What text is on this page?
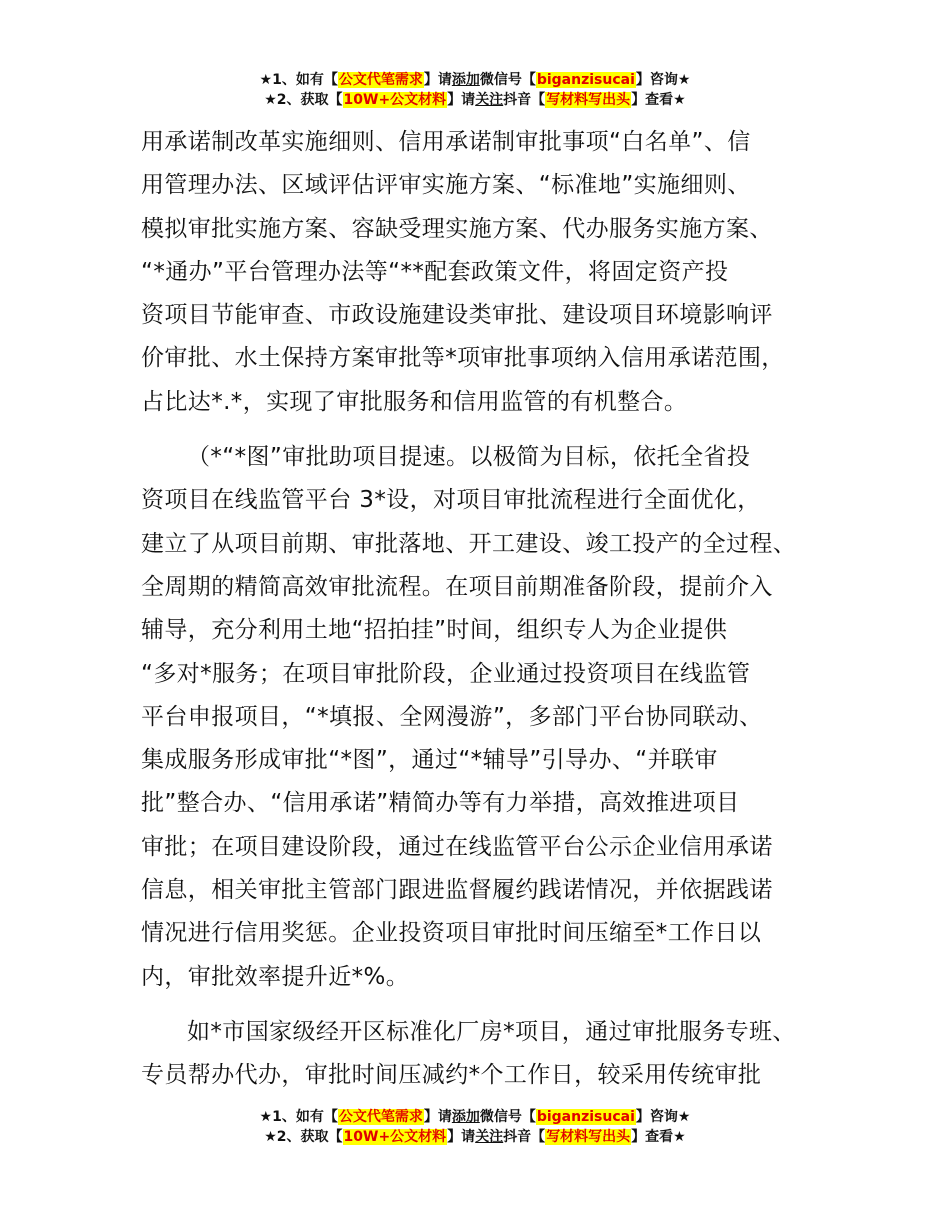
★1、如有【公文代笔需求】请添加微信号【biganzisucai】咨询★
★2、获取【10W+公文材料】请关注抖音【写材料写出头】查看★
用承诺制改革实施细则、信用承诺制审批事项“白名单”、信
用管理办法、区域评估评审实施方案、“标准地”实施细则、
模拟审批实施方案、容缺受理实施方案、代办服务实施方案、
“*通办”平台管理办法等“**配套政策文件，将固定资产投
资项目节能审查、市政设施建设类审批、建设项目环境影响评
价审批、水土保持方案审批等*项审批事项纳入信用承诺范围，
占比达*.*，实现了审批服务和信用监管的有机整合。
（*“*图”审批助项目提速。以极简为目标，依托全省投
资项目在线监管平台 3*设，对项目审批流程进行全面优化，
建立了从项目前期、审批落地、开工建设、竣工投产的全过程、
全周期的精简高效审批流程。在项目前期准备阶段，提前介入
辅导，充分利用土地“招拍挂”时间，组织专人为企业提供
“多对*服务；在项目审批阶段，企业通过投资项目在线监管
平台申报项目，“*填报、全网漫游”，多部门平台协同联动、
集成服务形成审批“*图”，通过“*辅导”引导办、“并联审
批”整合办、“信用承诺”精简办等有力举措，高效推进项目
审批；在项目建设阶段，通过在线监管平台公示企业信用承诺
信息，相关审批主管部门跟进监督履约践诺情况，并依据践诺
情况进行信用奖惩。企业投资项目审批时间压缩至*工作日以
内，审批效率提升近*%。
如*市国家级经开区标准化厂房*项目，通过审批服务专班、
专员帮办代办，审批时间压减约*个工作日，较采用传统审批
★1、如有【公文代笔需求】请添加微信号【biganzisucai】咨询★
★2、获取【10W+公文材料】请关注抖音【写材料写出头】查看★
